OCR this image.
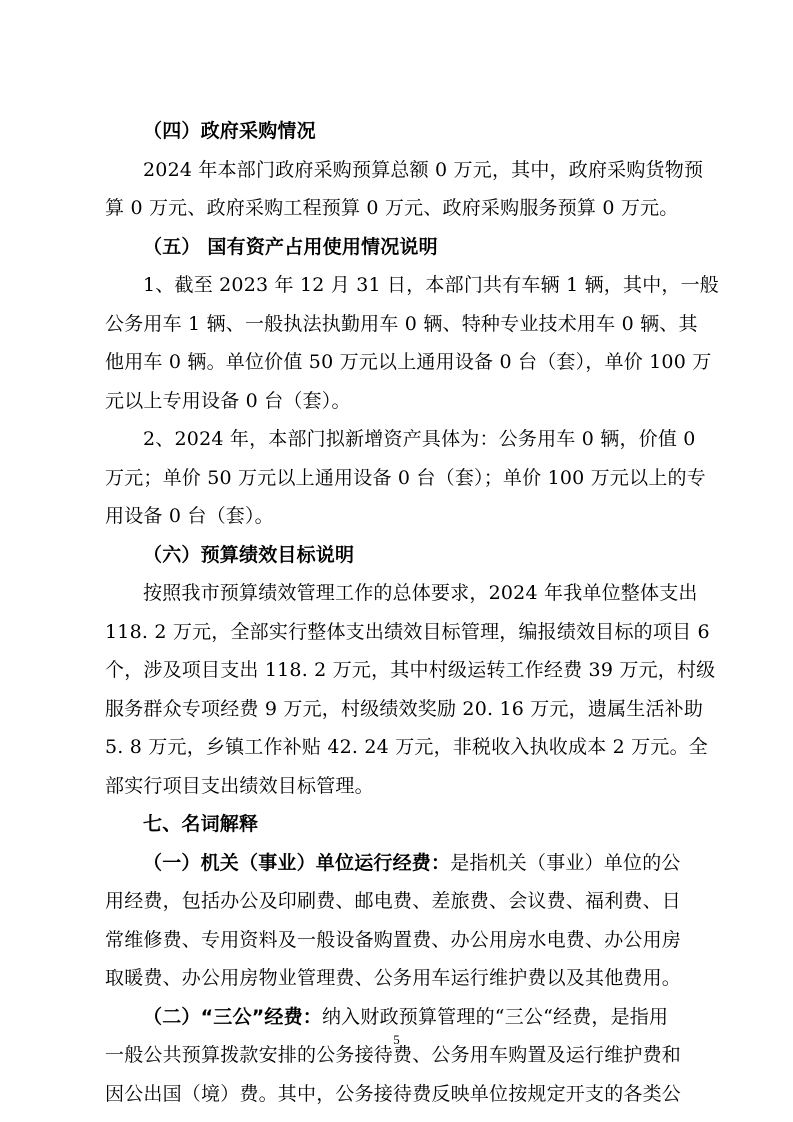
（四）政府采购情况
2024 年本部门政府采购预算总额 0 万元，其中，政府采购货物预
算 0 万元、政府采购工程预算 0 万元、政府采购服务预算 0 万元。
（五） 国有资产占用使用情况说明
1、截至 2023 年 12 月 31 日，本部门共有车辆 1 辆，其中，一般
公务用车 1 辆、一般执法执勤用车 0 辆、特种专业技术用车 0 辆、其
他用车 0 辆。单位价值 50 万元以上通用设备 0 台（套），单价 100 万
元以上专用设备 0 台（套）。
2、2024 年，本部门拟新增资产具体为：公务用车 0 辆，价值 0
万元；单价 50 万元以上通用设备 0 台（套）；单价 100 万元以上的专
用设备 0 台（套）。
（六）预算绩效目标说明
按照我市预算绩效管理工作的总体要求，2024 年我单位整体支出
118. 2 万元，全部实行整体支出绩效目标管理，编报绩效目标的项目 6
个，涉及项目支出 118. 2 万元，其中村级运转工作经费 39 万元，村级
服务群众专项经费 9 万元，村级绩效奖励 20. 16 万元，遗属生活补助
5. 8 万元，乡镇工作补贴 42. 24 万元，非税收入执收成本 2 万元。全
部实行项目支出绩效目标管理。
七、名词解释
（一）机关（事业）单位运行经费：是指机关（事业）单位的公
用经费，包括办公及印刷费、邮电费、差旅费、会议费、福利费、日
常维修费、专用资料及一般设备购置费、办公用房水电费、办公用房
取暖费、办公用房物业管理费、公务用车运行维护费以及其他费用。
（二）“三公”经费：纳入财政预算管理的“三公“经费，是指用
一般公共预算拨款安排的公务接待费、公务用车购置及运行维护费和
因公出国（境）费。其中，公务接待费反映单位按规定开支的各类公
5
